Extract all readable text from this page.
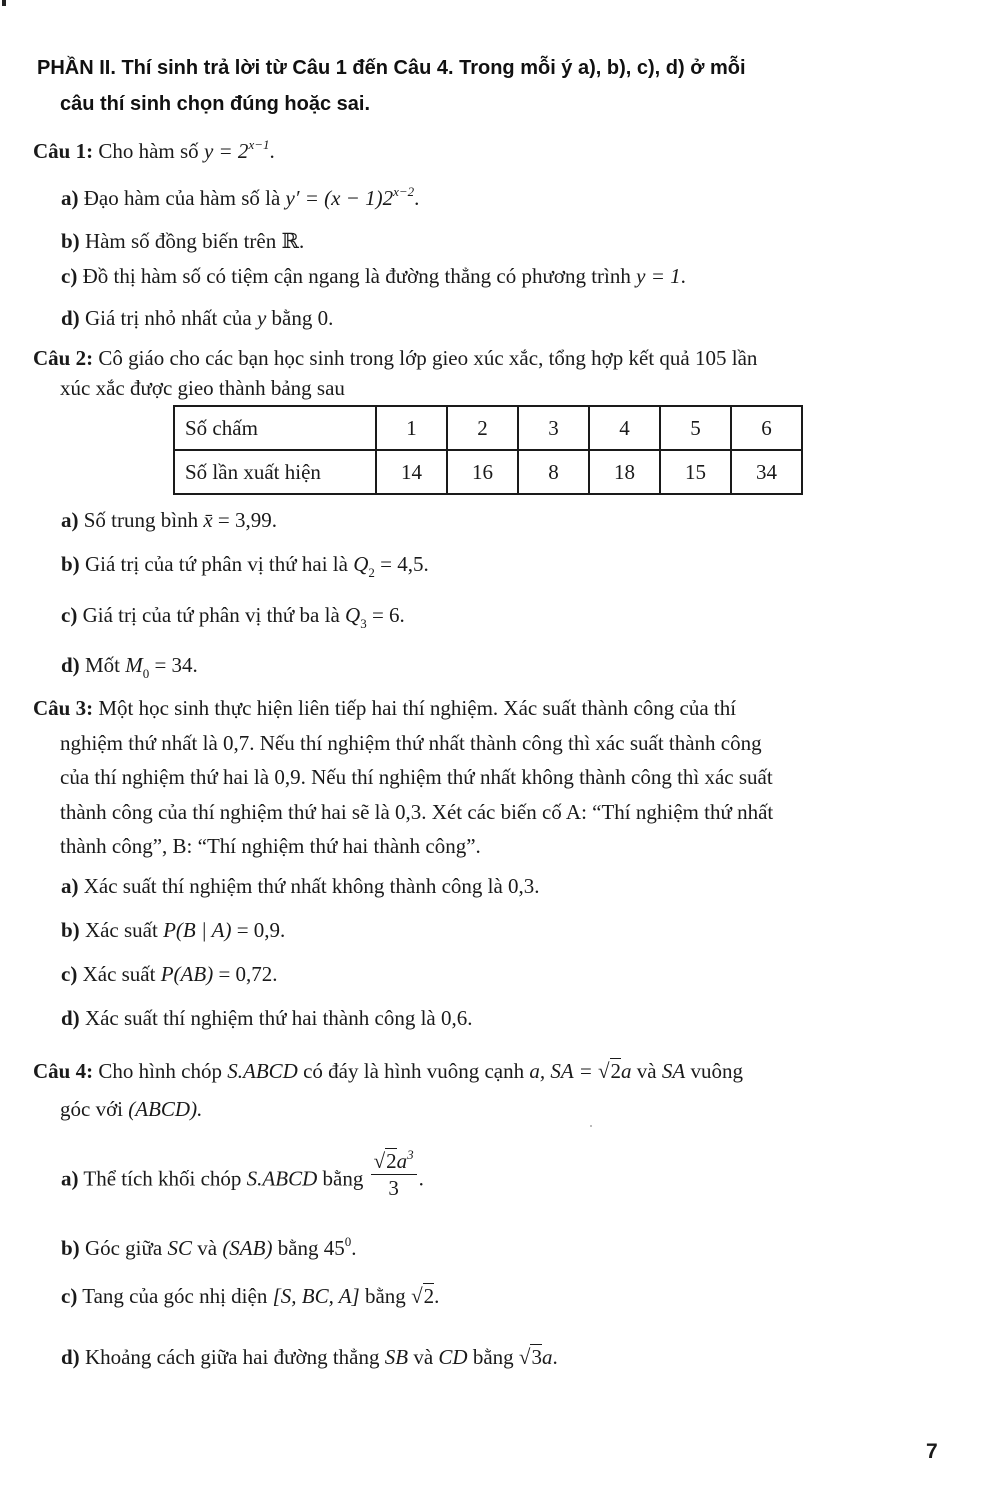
PHẦN II. Thí sinh trả lời từ Câu 1 đến Câu 4. Trong mỗi ý a), b), c), d) ở mỗi
câu thí sinh chọn đúng hoặc sai.
Câu 1: Cho hàm số $y = 2^{x-1}$.
a) Đạo hàm của hàm số là $y' = (x - 1)2^{x-2}$.
b) Hàm số đồng biến trên ℝ.
c) Đồ thị hàm số có tiệm cận ngang là đường thẳng có phương trình y = 1.
d) Giá trị nhỏ nhất của y bằng 0.
Câu 2: Cô giáo cho các bạn học sinh trong lớp gieo xúc xắc, tổng hợp kết quả 105 lần
xúc xắc được gieo thành bảng sau
Số chấm	1	2	3	4	5	6
Số lần xuất hiện	14	16	8	18	15	34
a) Số trung bình x̄ = 3,99.
b) Giá trị của tứ phân vị thứ hai là $Q_2 = 4,5$.
c) Giá trị của tứ phân vị thứ ba là $Q_3 = 6$.
d) Mốt $M_0 = 34$.
Câu 3: Một học sinh thực hiện liên tiếp hai thí nghiệm. Xác suất thành công của thí
nghiệm thứ nhất là 0,7. Nếu thí nghiệm thứ nhất thành công thì xác suất thành công
của thí nghiệm thứ hai là 0,9. Nếu thí nghiệm thứ nhất không thành công thì xác suất
thành công của thí nghiệm thứ hai sẽ là 0,3. Xét các biến cố A: “Thí nghiệm thứ nhất
thành công”, B: “Thí nghiệm thứ hai thành công”.
a) Xác suất thí nghiệm thứ nhất không thành công là 0,3.
b) Xác suất P(B | A) = 0,9.
c) Xác suất P(AB) = 0,72.
d) Xác suất thí nghiệm thứ hai thành công là 0,6.
Câu 4: Cho hình chóp S.ABCD có đáy là hình vuông cạnh a, SA = √2a và SA vuông
góc với (ABCD).
a) Thể tích khối chóp S.ABCD bằng $\frac{√2a^3}{3}$ .
b) Góc giữa SC và (SAB) bằng $45^0$.
c) Tang của góc nhị diện [S, BC, A] bằng √2.
d) Khoảng cách giữa hai đường thẳng SB và CD bằng √3a.
7
